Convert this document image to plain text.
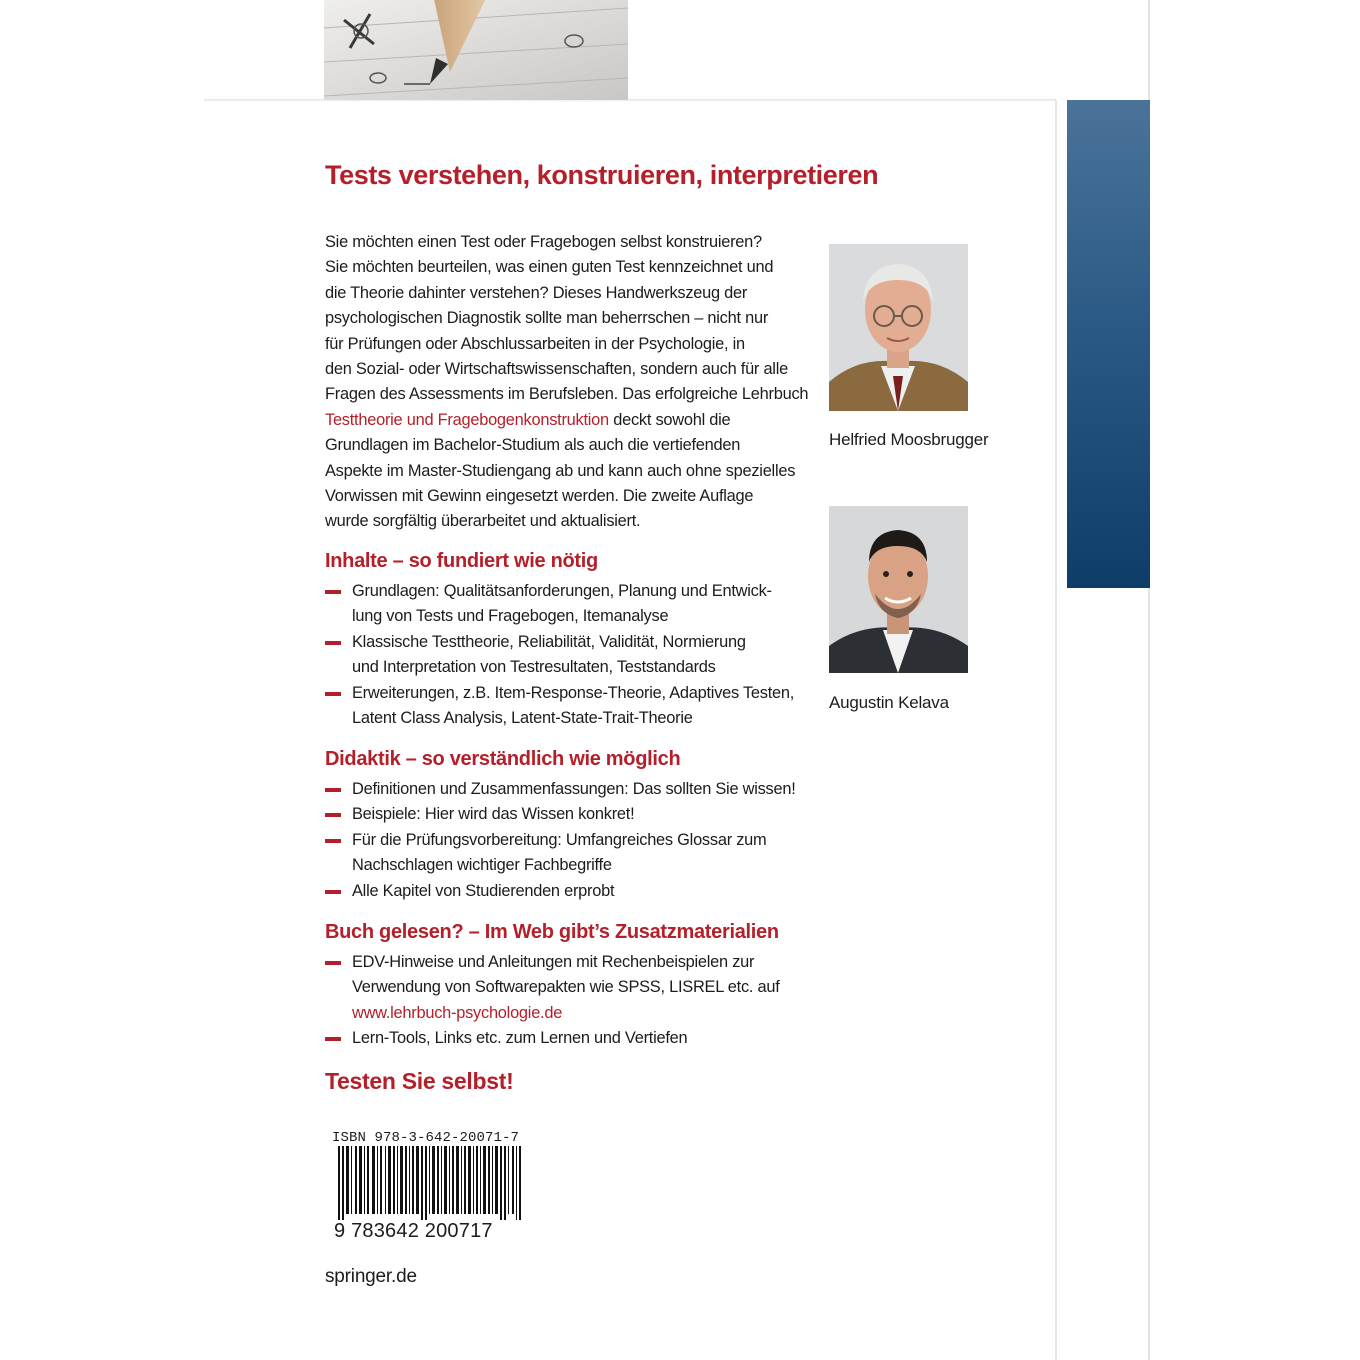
Tests verstehen, konstruieren, interpretieren

Sie möchten einen Test oder Fragebogen selbst konstruieren?
Sie möchten beurteilen, was einen guten Test kennzeichnet und
die Theorie dahinter verstehen? Dieses Handwerkszeug der
psychologischen Diagnostik sollte man beherrschen – nicht nur
für Prüfungen oder Abschlussarbeiten in der Psychologie, in
den Sozial- oder Wirtschaftswissenschaften, sondern auch für alle
Fragen des Assessments im Berufsleben. Das erfolgreiche Lehrbuch
Testtheorie und Fragebogenkonstruktion deckt sowohl die
Grundlagen im Bachelor-Studium als auch die vertiefenden
Aspekte im Master-Studiengang ab und kann auch ohne spezielles
Vorwissen mit Gewinn eingesetzt werden. Die zweite Auflage
wurde sorgfältig überarbeitet und aktualisiert.

Inhalte – so fundiert wie nötig
Grundlagen: Qualitätsanforderungen, Planung und Entwick-
lung von Tests und Fragebogen, Itemanalyse
Klassische Testtheorie, Reliabilität, Validität, Normierung
und Interpretation von Testresultaten, Teststandards
Erweiterungen, z.B. Item-Response-Theorie, Adaptives Testen,
Latent Class Analysis, Latent-State-Trait-Theorie
Didaktik – so verständlich wie möglich
Definitionen und Zusammenfassungen: Das sollten Sie wissen!
Beispiele: Hier wird das Wissen konkret!
Für die Prüfungsvorbereitung: Umfangreiches Glossar zum
Nachschlagen wichtiger Fachbegriffe
Alle Kapitel von Studierenden erprobt
Buch gelesen? – Im Web gibt’s Zusatzmaterialien
EDV-Hinweise und Anleitungen mit Rechenbeispielen zur
Verwendung von Softwarepakten wie SPSS, LISREL etc. auf
www.lehrbuch-psychologie.de
Lern-Tools, Links etc. zum Lernen und Vertiefen
Testen Sie selbst!

Helfried Moosbrugger

Augustin Kelava

ISBN 978-3-642-20071-7

9 783642 200717

springer.de
